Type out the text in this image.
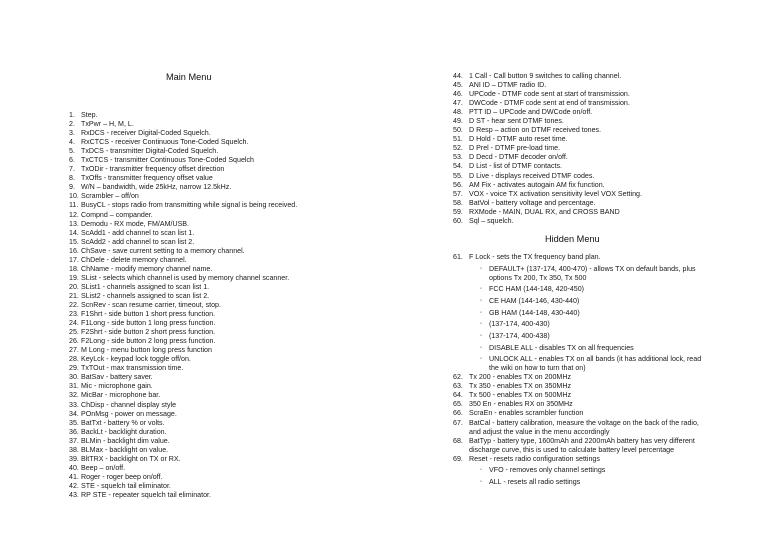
Main Menu
1. Step.
2. TxPwr – H, M, L.
3. RxDCS - receiver Digital-Coded Squelch.
4. RxCTCS - receiver Continuous Tone-Coded Squelch.
5. TxDCS - transmitter Digital-Coded Squelch.
6. TxCTCS - transmitter Continuous Tone-Coded Squelch
7. TxODir - transmitter frequency offset direction
8. TxOffs - transmitter frequency offset value
9. W/N – bandwidth, wide 25kHz, narrow 12.5kHz.
10. Scrambler – off/on
11. BusyCL - stops radio from transmitting while signal is being received.
12. Compnd – compander.
13. Demodu - RX mode, FM/AM/USB.
14. ScAdd1 - add channel to scan list 1.
15. ScAdd2 - add channel to scan list 2.
16. ChSave - save current setting to a memory channel.
17. ChDele - delete memory channel.
18. ChName - modify memory channel name.
19. SList - selects which channel is used by memory channel scanner.
20. SList1 - channels assigned to scan list 1.
21. SList2 - channels assigned to scan list 2.
22. ScnRev - scan resume carrier, timeout, stop.
23. F1Shrt - side button 1 short press function.
24. F1Long - side button 1 long press function.
25. F2Shrt - side button 2 short press function.
26. F2Long - side button 2 long press function.
27. M Long - menu button long press function
28. KeyLck - keypad lock toggle off/on.
29. TxTOut - max transmission time.
30. BatSav - battery saver.
31. Mic - microphone gain.
32. MicBar - microphone bar.
33. ChDisp - channel display style
34. POnMsg - power on message.
35. BatTxt - battery % or volts.
36. BackLt - backlight duration.
37. BLMin - backlight dim value.
38. BLMax - backlight on value.
39. BltTRX - backlight on TX or RX.
40. Beep – on/off.
41. Roger - roger beep on/off.
42. STE - squelch tail eliminator.
43. RP STE - repeater squelch tail eliminator.
44. 1 Call - Call button 9 switches to calling channel.
45. ANI ID – DTMF radio ID.
46. UPCode - DTMF code sent at start of transmission.
47. DWCode - DTMF code sent at end of transmission.
48. PTT ID – UPCode and DWCode on/off.
49. D ST - hear sent DTMF tones.
50. D Resp – action on DTMF received tones.
51. D Hold - DTMF auto reset time.
52. D Prel - DTMF pre-load time.
53. D Decd - DTMF decoder on/off.
54. D List - list of DTMF contacts.
55. D Live - displays received DTMF codes.
56. AM Fix - activates autogain AM fix function.
57. VOX - voice TX activation sensitivity level VOX Setting.
58. BatVol - battery voltage and percentage.
59. RXMode - MAIN, DUAL RX, and CROSS BAND
60. Sql – squelch.
Hidden Menu
61. F Lock - sets the TX frequency band plan.
◦ DEFAULT+ (137-174, 400-470) - allows TX on default bands, plus options Tx 200, Tx 350, Tx 500
◦ FCC HAM (144-148, 420-450)
◦ CE HAM (144-146, 430-440)
◦ GB HAM (144-148, 430-440)
◦ (137-174, 400-430)
◦ (137-174, 400-438)
◦ DISABLE ALL - disables TX on all frequencies
◦ UNLOCK ALL - enables TX on all bands (it has additional lock, read the wiki on how to turn that on)
62. Tx 200 - enables TX on 200MHz
63. Tx 350 - enables TX on 350MHz
64. Tx 500 - enables TX on 500MHz
65. 350 En - enables RX on 350MHz
66. ScraEn - enables scrambler function
67. BatCal - battery calibration, measure the voltage on the back of the radio, and adjust the value in the menu accordingly
68. BatTyp - battery type, 1600mAh and 2200mAh battery has very different discharge curve, this is used to calculate battery level percentage
69. Reset - resets radio configuration settings
◦ VFO - removes only channel settings
◦ ALL - resets all radio settings
